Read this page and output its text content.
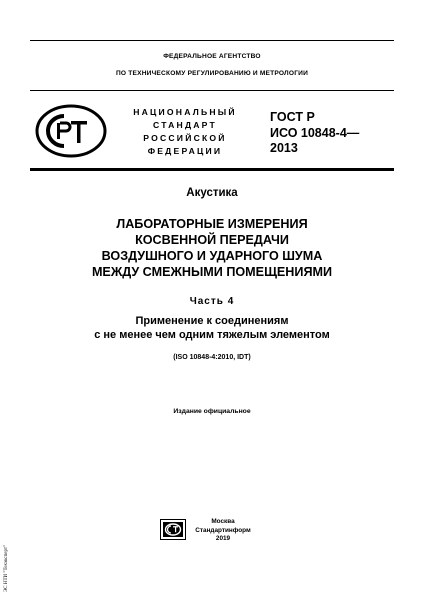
ФЕДЕРАЛЬНОЕ АГЕНТСТВО
ПО ТЕХНИЧЕСКОМУ РЕГУЛИРОВАНИЮ И МЕТРОЛОГИИ
НАЦИОНАЛЬНЫЙ
СТАНДАРТ
РОССИЙСКОЙ
ФЕДЕРАЦИИ
ГОСТ Р
ИСО 10848-4—
2013
Акустика
ЛАБОРАТОРНЫЕ ИЗМЕРЕНИЯ
КОСВЕННОЙ ПЕРЕДАЧИ
ВОЗДУШНОГО И УДАРНОГО ШУМА
МЕЖДУ СМЕЖНЫМИ ПОМЕЩЕНИЯМИ
Часть 4
Применение к соединениям
с не менее чем одним тяжелым элементом
(ISO 10848-4:2010, IDT)
Издание официальное
Москва
Стандартинформ
2019
ЭС НТИ "Техэксперт"
